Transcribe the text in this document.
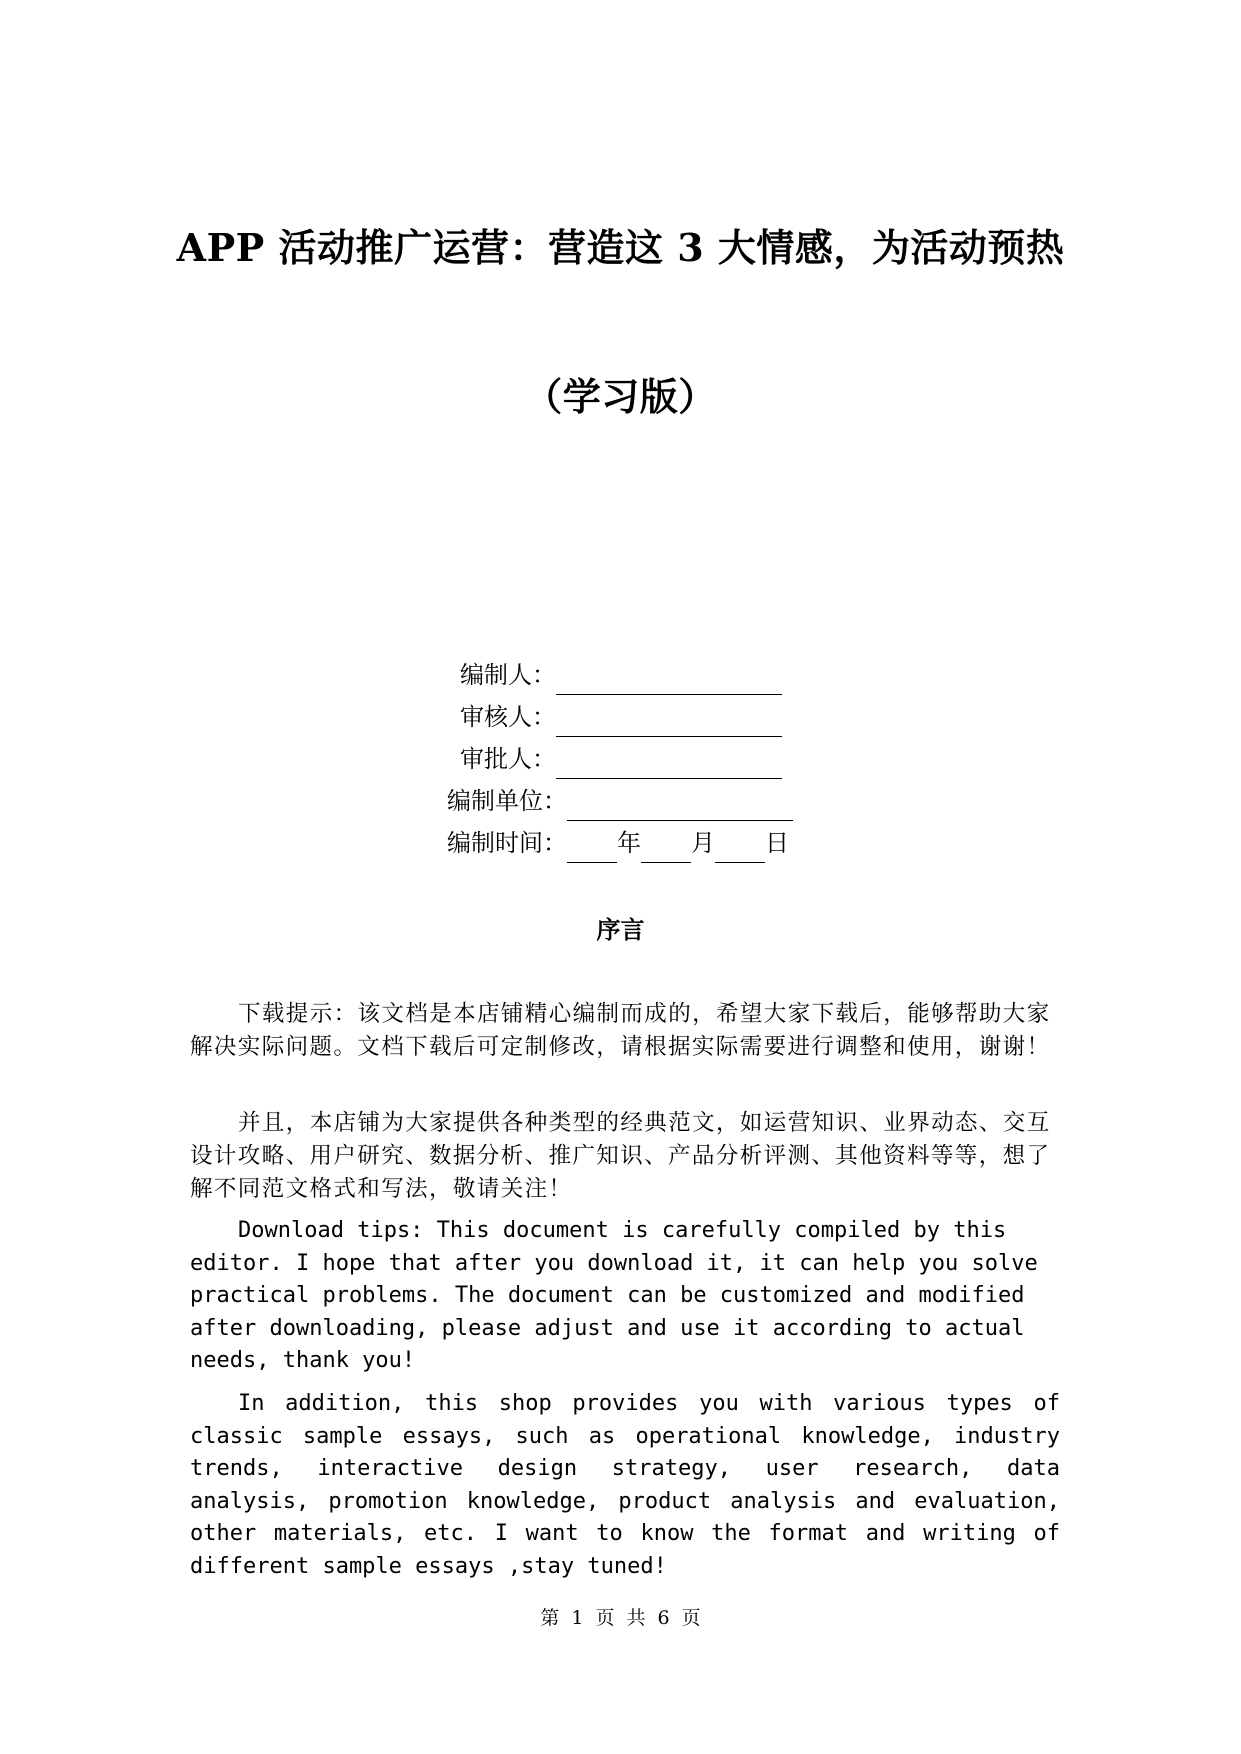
APP 活动推广运营：营造这 3 大情感，为活动预热
（学习版）
编制人：
审核人：
审批人：
编制单位：
编制时间： 年 月 日
序言

下载提示：该文档是本店铺精心编制而成的，希望大家下载后，能够帮助大家解决实际问题。文档下载后可定制修改，请根据实际需要进行调整和使用，谢谢！

并且，本店铺为大家提供各种类型的经典范文，如运营知识、业界动态、交互设计攻略、用户研究、数据分析、推广知识、产品分析评测、其他资料等等，想了解不同范文格式和写法，敬请关注！

Download tips: This document is carefully compiled by this editor. I hope that after you download it, it can help you solve practical problems. The document can be customized and modified after downloading, please adjust and use it according to actual needs, thank you!

In addition, this shop provides you with various types of classic sample essays, such as operational knowledge, industry trends, interactive design strategy, user research, data analysis, promotion knowledge, product analysis and evaluation, other materials, etc. I want to know the format and writing of different sample essays ,stay tuned!

第 1 页 共 6 页
